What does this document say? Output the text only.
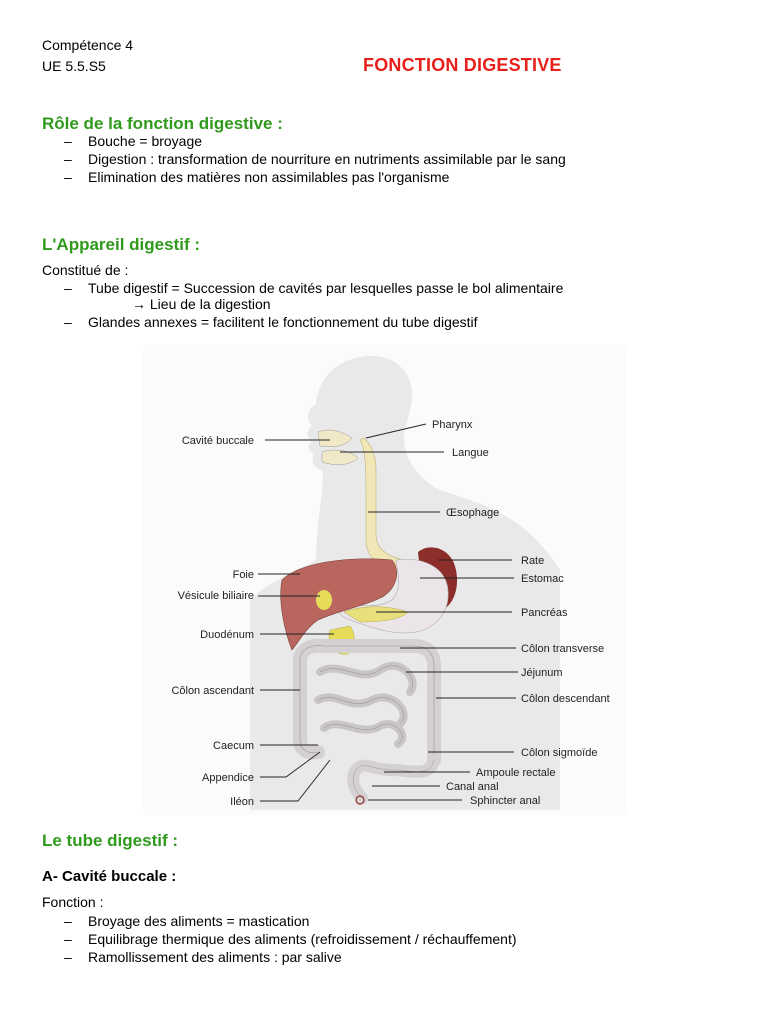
Compétence 4
UE 5.5.S5	FONCTION DIGESTIVE
Rôle de la fonction digestive :
– Bouche = broyage
– Digestion : transformation de nourriture en nutriments assimilable par le sang
– Elimination des matières non assimilables pas l'organisme
L'Appareil digestif :
Constitué de :
– Tube digestif = Succession de cavités par lesquelles passe le bol alimentaire
→ Lieu de la digestion
– Glandes annexes = facilitent le fonctionnement du tube digestif
Cavité buccale
Foie
Vésicule biliaire
Duodénum
Côlon ascendant
Caecum
Appendice
Iléon
Pharynx
Langue
Œsophage
Rate
Estomac
Pancréas
Côlon transverse
Jéjunum
Côlon descendant
Côlon sigmoïde
Ampoule rectale
Canal anal
Sphincter anal
Le tube digestif :
A- Cavité buccale :
Fonction :
– Broyage des aliments = mastication
– Equilibrage thermique des aliments (refroidissement / réchauffement)
– Ramollissement des aliments : par salive
